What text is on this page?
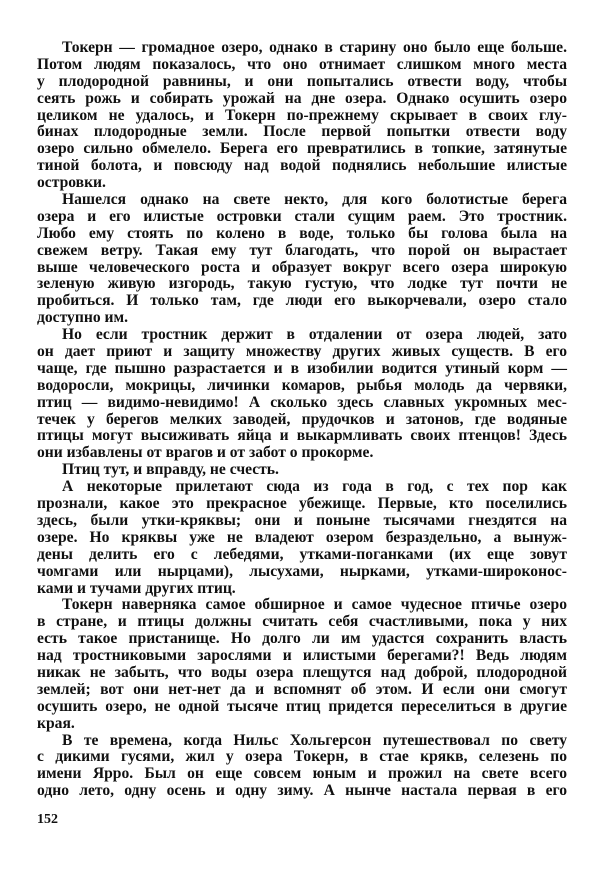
Токерн — громадное озеро, однако в старину оно было еще больше.
Потом людям показалось, что оно отнимает слишком много места
у плодородной равнины, и они попытались отвести воду, чтобы
сеять рожь и собирать урожай на дне озера. Однако осушить озеро
целиком не удалось, и Токерн по-прежнему скрывает в своих глу-
бинах плодородные земли. После первой попытки отвести воду
озеро сильно обмелело. Берега его превратились в топкие, затянутые
тиной болота, и повсюду над водой поднялись небольшие илистые
островки.
Нашелся однако на свете некто, для кого болотистые берега
озера и его илистые островки стали сущим раем. Это тростник.
Любо ему стоять по колено в воде, только бы голова была на
свежем ветру. Такая ему тут благодать, что порой он вырастает
выше человеческого роста и образует вокруг всего озера широкую
зеленую живую изгородь, такую густую, что лодке тут почти не
пробиться. И только там, где люди его выкорчевали, озеро стало
доступно им.
Но если тростник держит в отдалении от озера людей, зато
он дает приют и защиту множеству других живых существ. В его
чаще, где пышно разрастается и в изобилии водится утиный корм —
водоросли, мокрицы, личинки комаров, рыбья молодь да червяки,
птиц — видимо-невидимо! А сколько здесь славных укромных мес-
течек у берегов мелких заводей, прудочков и затонов, где водяные
птицы могут высиживать яйца и выкармливать своих птенцов! Здесь
они избавлены от врагов и от забот о прокорме.
Птиц тут, и вправду, не счесть.
А некоторые прилетают сюда из года в год, с тех пор как
прознали, какое это прекрасное убежище. Первые, кто поселились
здесь, были утки-кряквы; они и поныне тысячами гнездятся на
озере. Но кряквы уже не владеют озером безраздельно, а вынуж-
дены делить его с лебедями, утками-поганками (их еще зовут
чомгами или нырцами), лысухами, нырками, утками-широконос-
ками и тучами других птиц.
Токерн наверняка самое обширное и самое чудесное птичье озеро
в стране, и птицы должны считать себя счастливыми, пока у них
есть такое пристанище. Но долго ли им удастся сохранить власть
над тростниковыми зарослями и илистыми берегами?! Ведь людям
никак не забыть, что воды озера плещутся над доброй, плодородной
землей; вот они нет-нет да и вспомнят об этом. И если они смогут
осушить озеро, не одной тысяче птиц придется переселиться в другие
края.
В те времена, когда Нильс Хольгерсон путешествовал по свету
с дикими гусями, жил у озера Токерн, в стае крякв, селезень по
имени Ярро. Был он еще совсем юным и прожил на свете всего
одно лето, одну осень и одну зиму. А нынче настала первая в его
152
